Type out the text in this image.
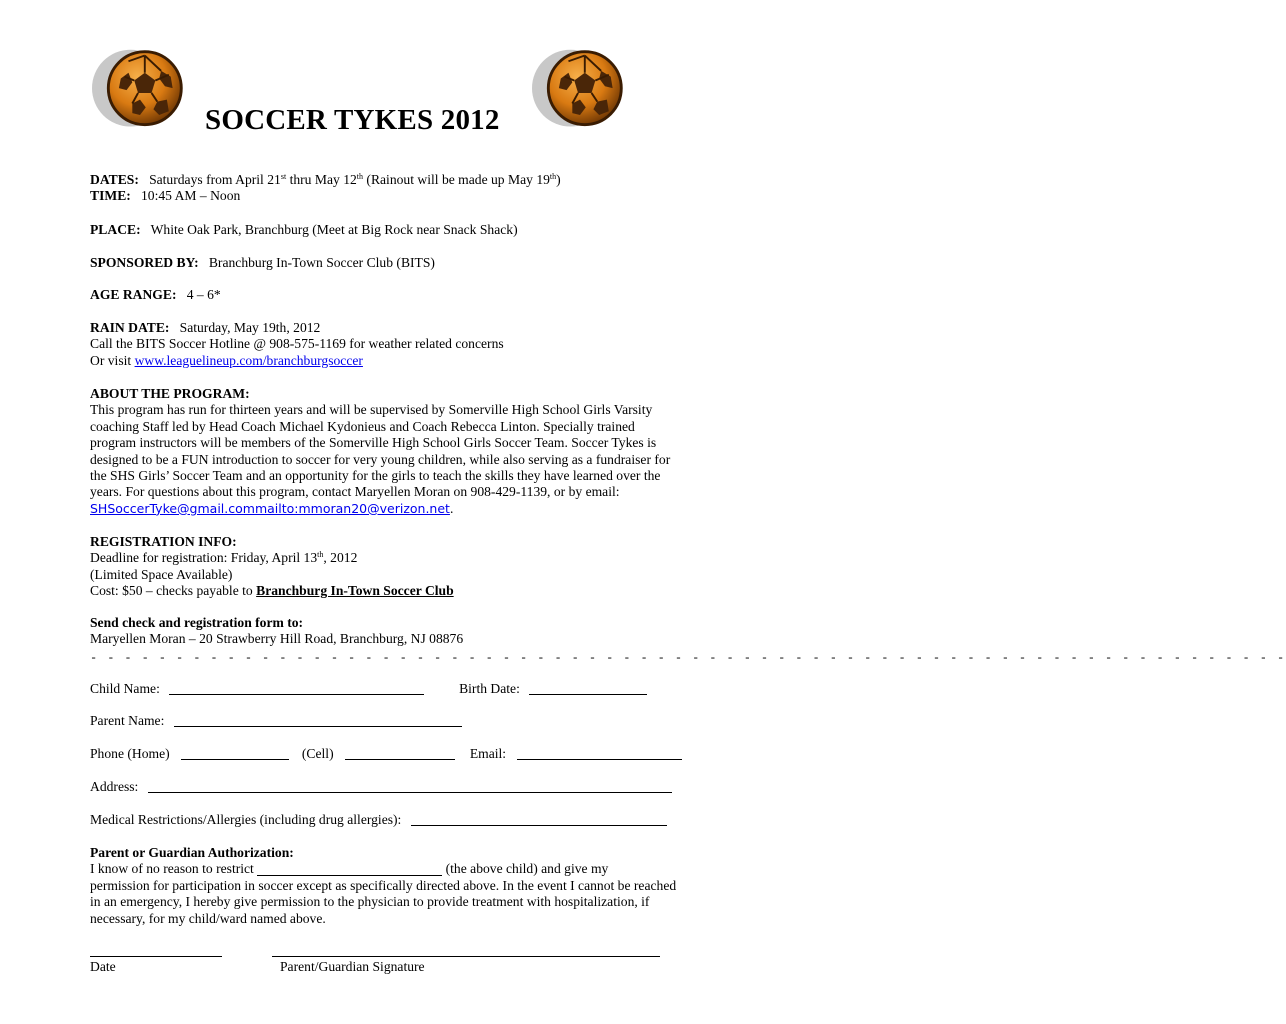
SOCCER TYKES 2012
DATES: Saturdays from April 21st thru May 12th (Rainout will be made up May 19th)
TIME: 10:45 AM – Noon
PLACE: White Oak Park, Branchburg (Meet at Big Rock near Snack Shack)
SPONSORED BY: Branchburg In-Town Soccer Club (BITS)
AGE RANGE: 4 – 6*
RAIN DATE: Saturday, May 19th, 2012
Call the BITS Soccer Hotline @ 908-575-1169 for weather related concerns
Or visit www.leaguelineup.com/branchburgsoccer
ABOUT THE PROGRAM:
This program has run for thirteen years and will be supervised by Somerville High School Girls Varsity coaching Staff led by Head Coach Michael Kydonieus and Coach Rebecca Linton. Specially trained program instructors will be members of the Somerville High School Girls Soccer Team. Soccer Tykes is designed to be a FUN introduction to soccer for very young children, while also serving as a fundraiser for the SHS Girls’ Soccer Team and an opportunity for the girls to teach the skills they have learned over the years. For questions about this program, contact Maryellen Moran on 908-429-1139, or by email: SHSoccerTyke@gmail.commailto:mmoran20@verizon.net.
REGISTRATION INFO:
Deadline for registration: Friday, April 13th, 2012
(Limited Space Available)
Cost: $50 – checks payable to Branchburg In-Town Soccer Club
Send check and registration form to:
Maryellen Moran – 20 Strawberry Hill Road, Branchburg, NJ 08876
- - - - - - - - - - - - - - - - - - - - - - - - - - - - - - - - - - - - - - - - - - - - - - - - - - - - - - - - - - - - - - - - - - - - - -
Child Name:	Birth Date:
Parent Name:
Phone (Home)	(Cell)	Email:
Address:
Medical Restrictions/Allergies (including drug allergies):
Parent or Guardian Authorization:
I know of no reason to restrict	(the above child) and give my
permission for participation in soccer except as specifically directed above. In the event I cannot be reached in an emergency, I hereby give permission to the physician to provide treatment with hospitalization, if necessary, for my child/ward named above.
Date	Parent/Guardian Signature
